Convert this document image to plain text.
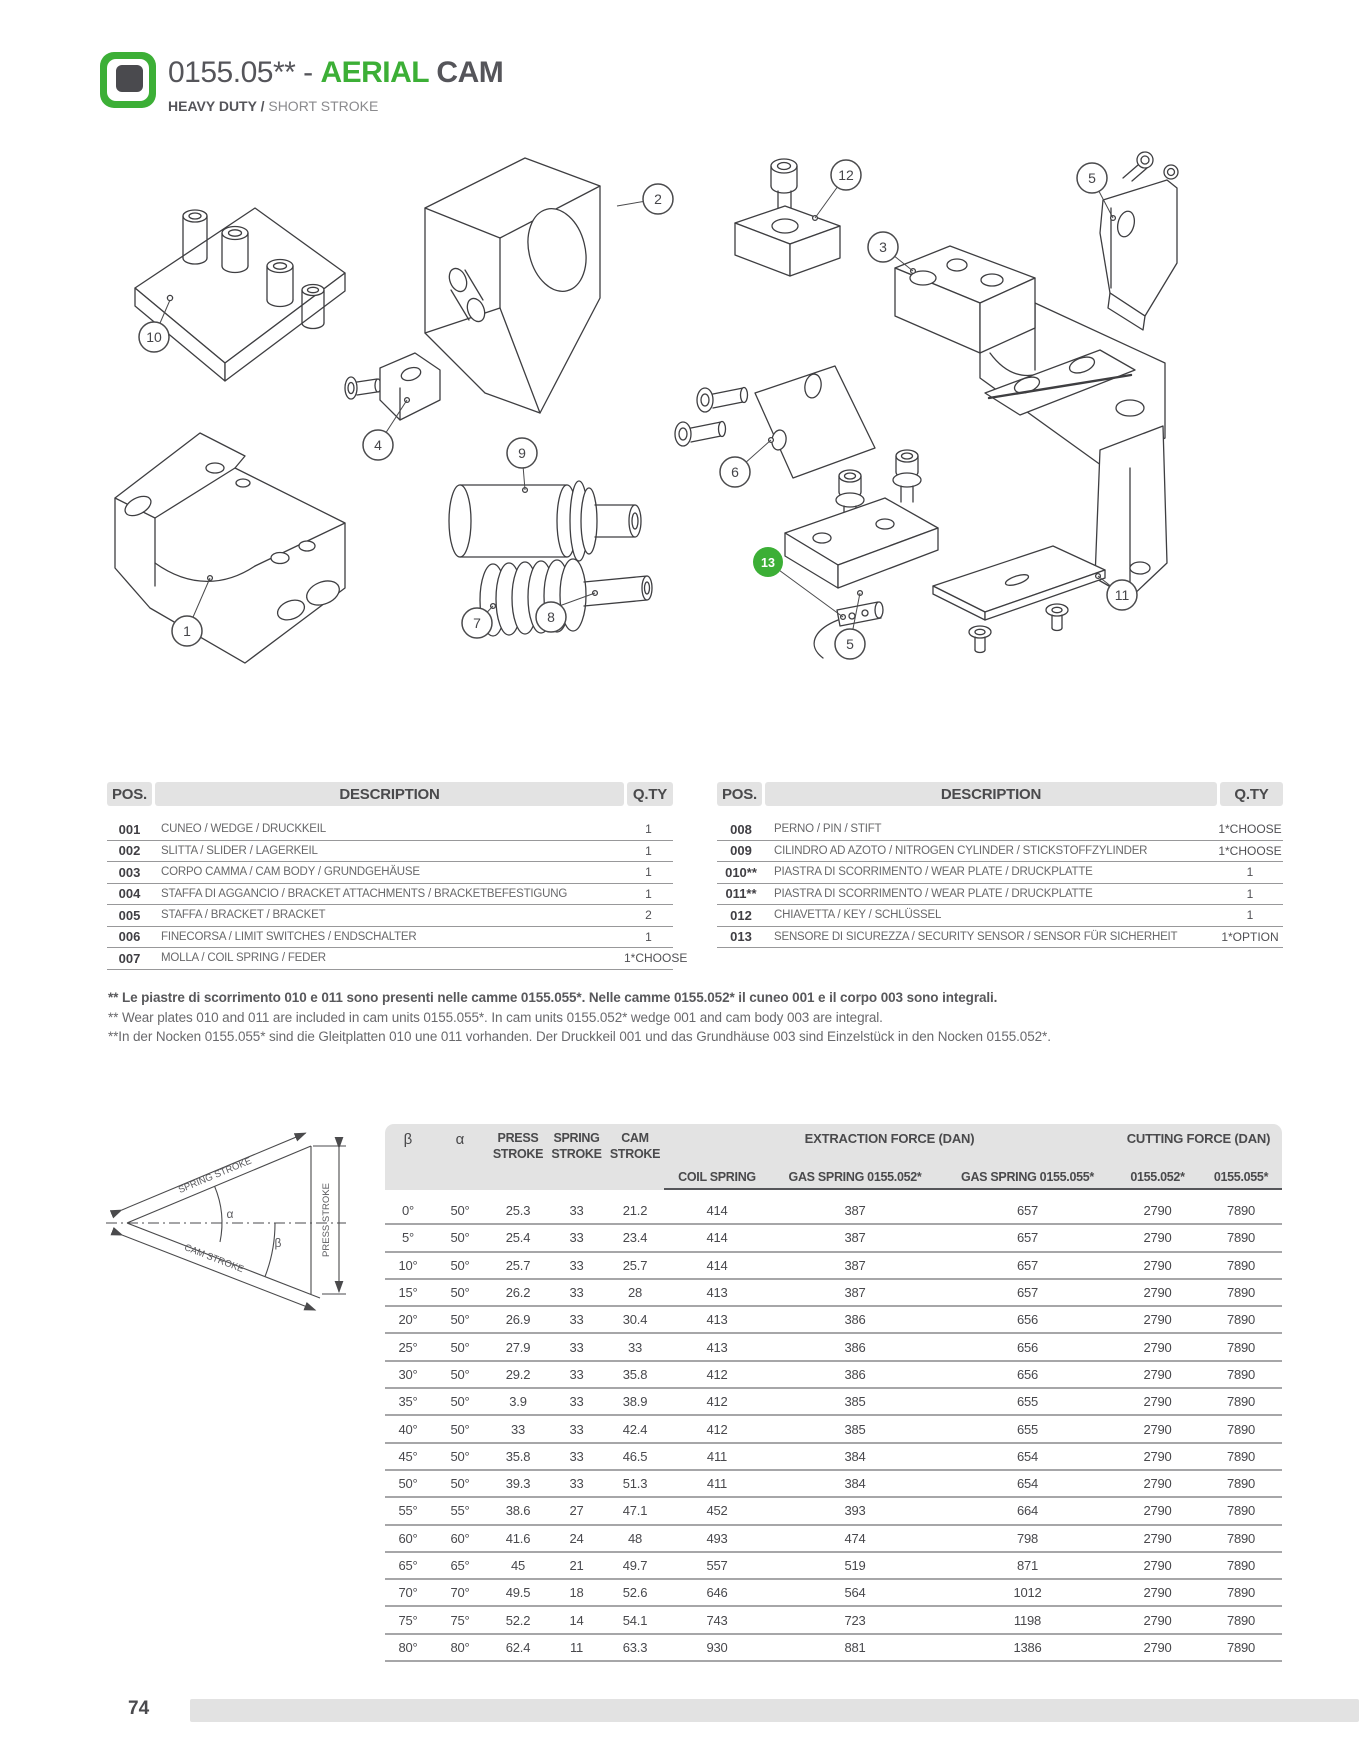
0155.05** - AERIAL CAM
HEAVY DUTY / SHORT STROKE
2
12	5
3
10
4	9
6
13
1	7	8
5
11
POS.	DESCRIPTION	Q.TY
001	CUNEO / WEDGE / DRUCKKEIL	1
002	SLITTA / SLIDER / LAGERKEIL	1
003	CORPO CAMMA / CAM BODY / GRUNDGEHÄUSE	1
004	STAFFA DI AGGANCIO / BRACKET ATTACHMENTS / BRACKETBEFESTIGUNG	1
005	STAFFA / BRACKET / BRACKET	2
006	FINECORSA / LIMIT SWITCHES / ENDSCHALTER	1
007	MOLLA / COIL SPRING / FEDER	1*CHOOSE
POS.	DESCRIPTION	Q.TY
008	PERNO / PIN / STIFT	1*CHOOSE
009	CILINDRO AD AZOTO / NITROGEN CYLINDER / STICKSTOFFZYLINDER	1*CHOOSE
010**	PIASTRA DI SCORRIMENTO / WEAR PLATE / DRUCKPLATTE	1
011**	PIASTRA DI SCORRIMENTO / WEAR PLATE / DRUCKPLATTE	1
012	CHIAVETTA / KEY / SCHLÜSSEL	1
013	SENSORE DI SICUREZZA / SECURITY SENSOR / SENSOR FÜR SICHERHEIT	1*OPTION
** Le piastre di scorrimento 010 e 011 sono presenti nelle camme 0155.055*. Nelle camme 0155.052* il cuneo 001 e il corpo 003 sono integrali.
** Wear plates 010 and 011 are included in cam units 0155.055*. In cam units 0155.052* wedge 001 and cam body 003 are integral.
**In der Nocken 0155.055* sind die Gleitplatten 010 une 011 vorhanden. Der Druckkeil 001 und das Grundhäuse 003 sind Einzelstück in den Nocken 0155.052*.
SPRING STROKE
CAM STROKE
PRESS STROKE
α
β
β	α	PRESS STROKE
SPRING STROKE
CAM STROKE
EXTRACTION FORCE (DAN)	CUTTING FORCE (DAN)
COIL SPRING	GAS SPRING 0155.052*	GAS SPRING 0155.055*	0155.052*	0155.055*
0°	50°	25.3	33	21.2	414	387	657	2790	7890
5°	50°	25.4	33	23.4	414	387	657	2790	7890
10°	50°	25.7	33	25.7	414	387	657	2790	7890
15°	50°	26.2	33	28	413	387	657	2790	7890
20°	50°	26.9	33	30.4	413	386	656	2790	7890
25°	50°	27.9	33	33	413	386	656	2790	7890
30°	50°	29.2	33	35.8	412	386	656	2790	7890
35°	50°	3.9	33	38.9	412	385	655	2790	7890
40°	50°	33	33	42.4	412	385	655	2790	7890
45°	50°	35.8	33	46.5	411	384	654	2790	7890
50°	50°	39.3	33	51.3	411	384	654	2790	7890
55°	55°	38.6	27	47.1	452	393	664	2790	7890
60°	60°	41.6	24	48	493	474	798	2790	7890
65°	65°	45	21	49.7	557	519	871	2790	7890
70°	70°	49.5	18	52.6	646	564	1012	2790	7890
75°	75°	52.2	14	54.1	743	723	1198	2790	7890
80°	80°	62.4	11	63.3	930	881	1386	2790	7890
74
